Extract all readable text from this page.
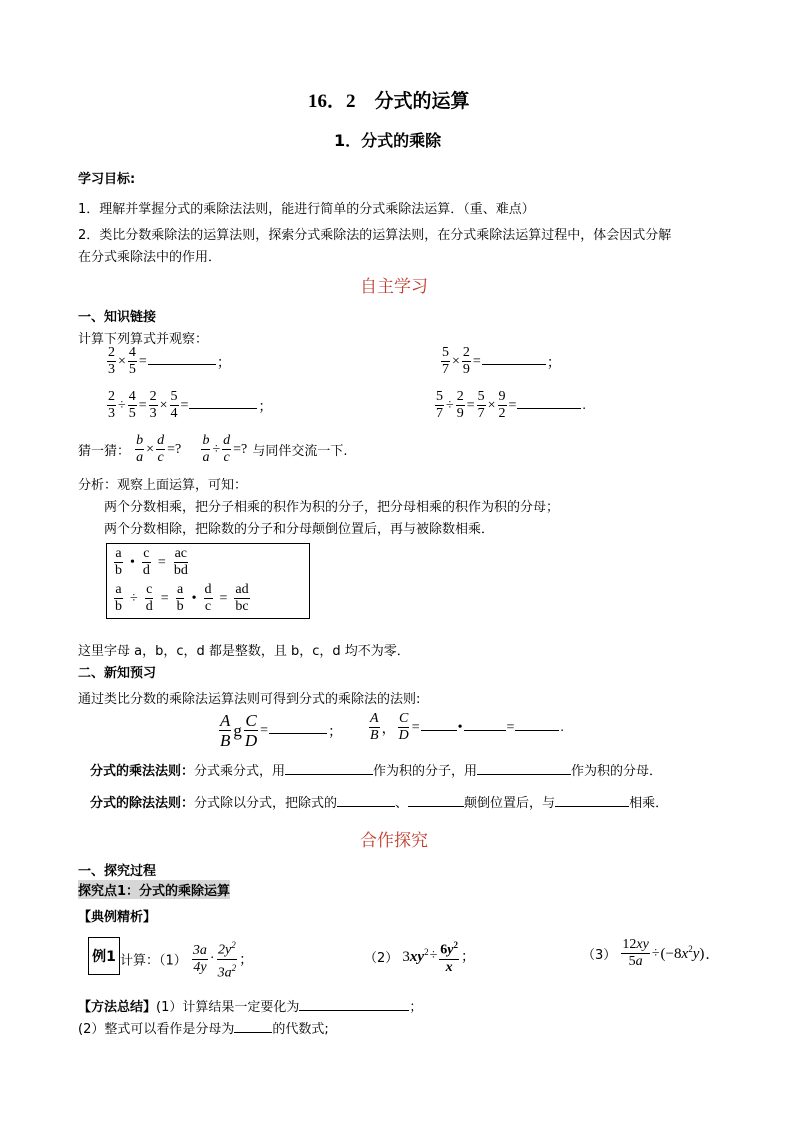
16．2　分式的运算
1．分式的乘除
学习目标:
1．理解并掌握分式的乘除法法则，能进行简单的分式乘除法运算．（重、难点）
2．类比分数乘除法的运算法则，探索分式乘除法的运算法则，在分式乘除法运算过程中，体会因式分解
在分式乘除法中的作用．
自主学习
一、知识链接
计算下列算式并观察：
$\frac{2}{3} \times \frac{4}{5}$ =	；	$\frac{5}{7} \times \frac{2}{9}$ =	；
$\frac{2}{3} \div \frac{4}{5} = \frac{2}{3} \times \frac{5}{4}$ =	；	$\frac{5}{7} \div \frac{2}{9} = \frac{5}{7} \times \frac{9}{2}$ =	.
猜一猜： $\frac{b}{a} \times \frac{d}{c}$ =? $\frac{b}{a} \div \frac{d}{c}$ =? 与同伴交流一下.
分析：观察上面运算，可知：
两个分数相乘，把分子相乘的积作为积的分子，把分母相乘的积作为积的分母；
两个分数相除，把除数的分子和分母颠倒位置后，再与被除数相乘．
$\frac{a}{b}$ • $\frac{c}{d} = \frac{ac}{bd}$
$\frac{a}{b} \div \frac{c}{d} = \frac{a}{b}$ • $\frac{d}{c} = \frac{ad}{bc}$
这里字母 a，b，c，d 都是整数，且 b，c，d 均不为零．
二、新知预习
通过类比分数的乘除法运算法则可得到分式的乘除法的法则:
$\frac{A}{B}$ g $\frac{C}{D}$ =	； $\frac{A}{B}$ ， $\frac{C}{D}$ =	•	=	.
分式的乘法法则：分式乘分式，用	作为积的分子，用	作为积的分母．
分式的除法法则：分式除以分式，把除式的	、	颠倒位置后，与	相乘．
合作探究
一、探究过程
探究点1：分式的乘除运算
【典例精析】
例1 计算：$(1) \frac{3a}{4y} \cdot \frac{2y^2}{3a^2}$ ；	（2） $3xy^2\div \frac{6y^2}{x}$ ；	$(3) \frac{12xy}{5a} \div(-8x^2y)$．
【方法总结】(1）计算结果一定要化为	；
(2）整式可以看作是分母为	的代数式;
